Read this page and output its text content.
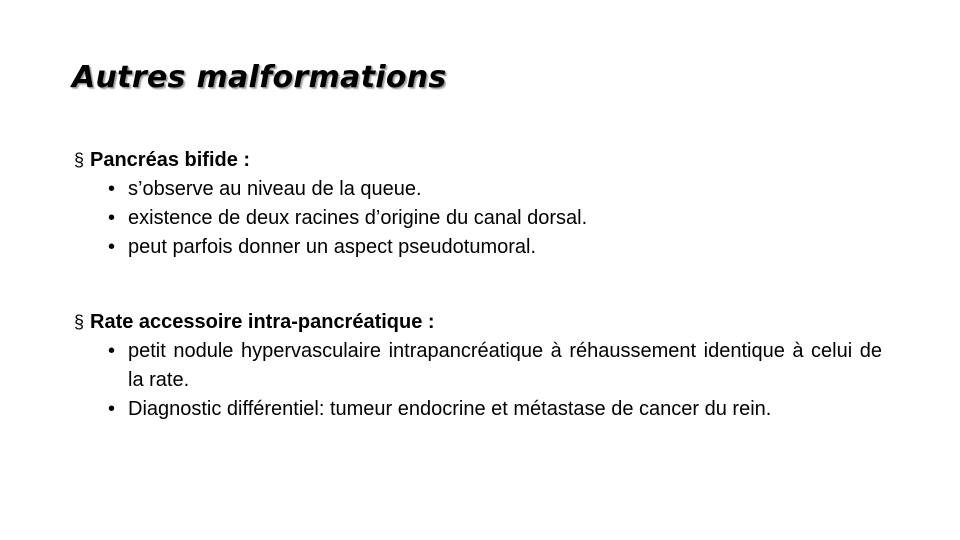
Autres malformations
§ Pancréas bifide :
• s’observe au niveau de la queue.
• existence de deux racines d’origine du canal dorsal.
• peut parfois donner un aspect pseudotumoral.
§ Rate accessoire intra-pancréatique :
• petit nodule hypervasculaire intrapancréatique à réhaussement identique à celui de la rate.
• Diagnostic différentiel: tumeur endocrine et métastase de cancer du rein.
